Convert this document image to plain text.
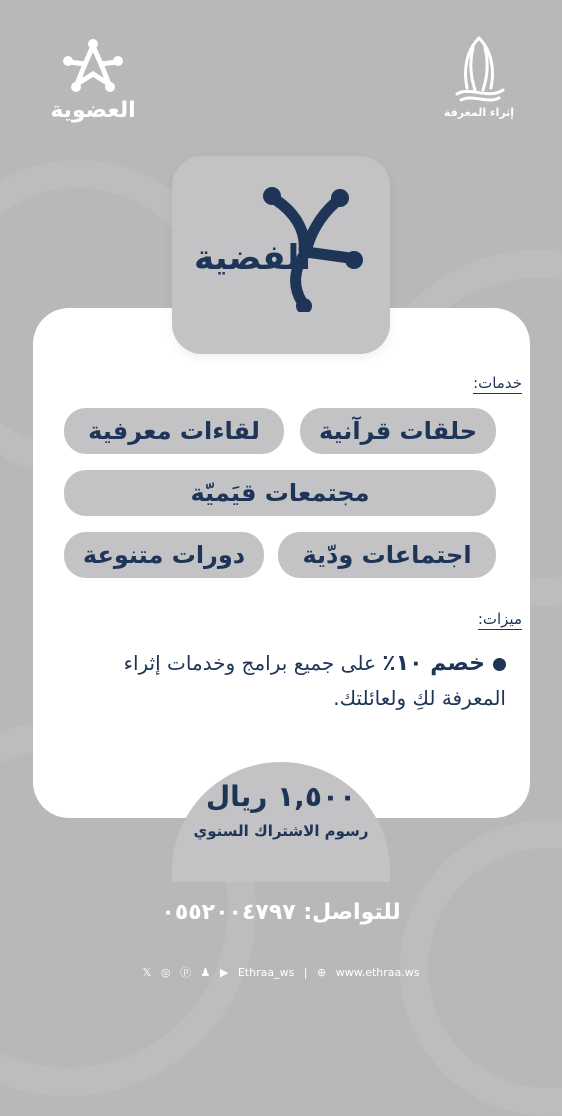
العضوية	إثراء المعرفة
الفضية
خدمات:
حلقات قرآنية
لقاءات معرفية
مجتمعات قيَميّة
اجتماعات ودّية
دورات متنوعة
ميزات:
خصم ١٠٪ على جميع برامج وخدمات إثراء المعرفة لكِ ولعائلتك.
١,٥٠٠ ريال
رسوم الاشتراك السنوي
للتواصل: ٠٥٥٢٠٠٤٧٩٧
𝕏 ◎ ⓟ ♟ ▶ Ethraa_ws | ⊕ www.ethraa.ws
